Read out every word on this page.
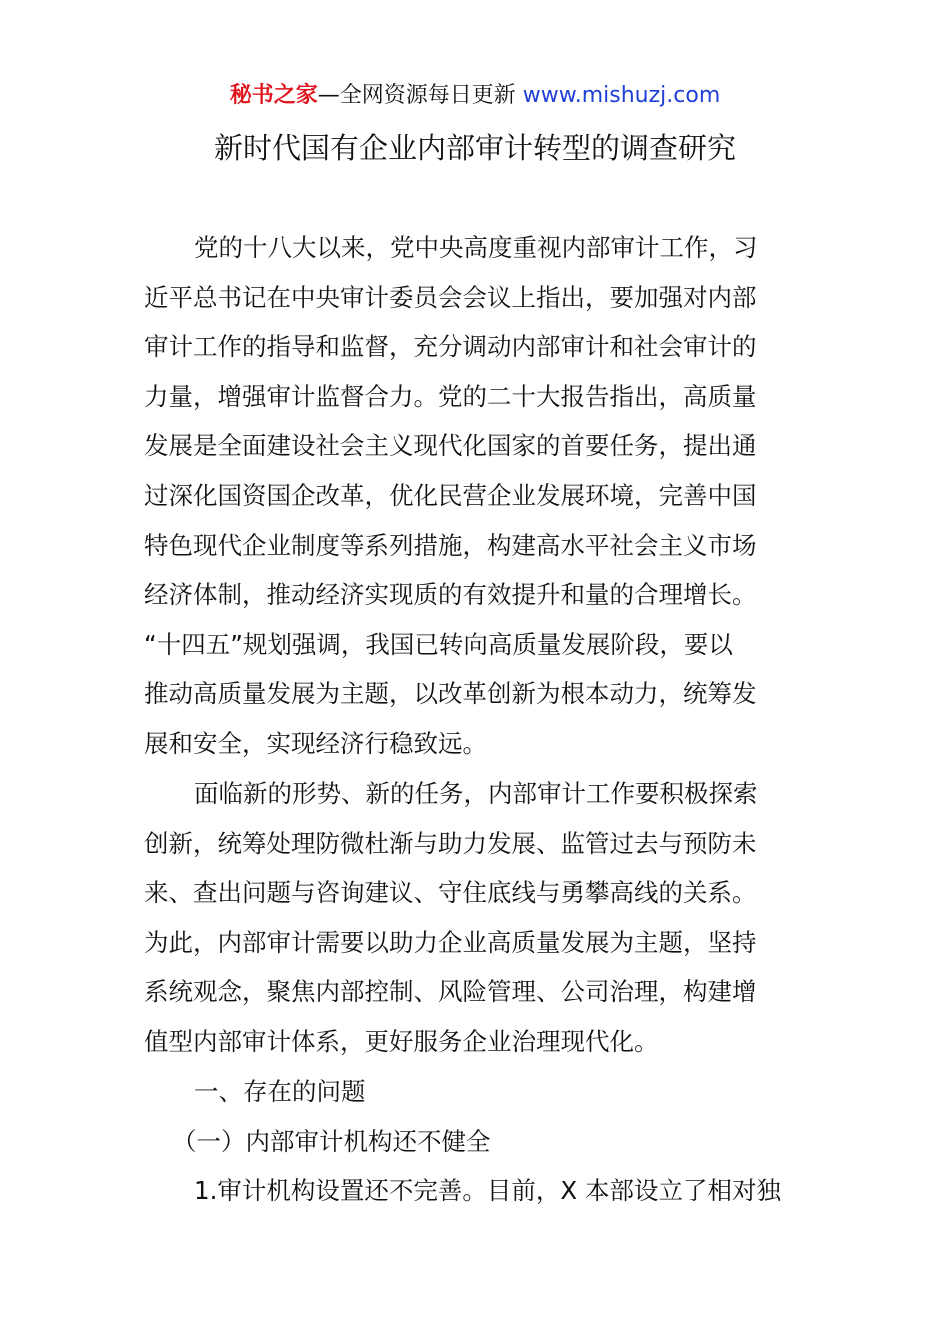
秘书之家—全网资源每日更新 www.mishuzj.com
新时代国有企业内部审计转型的调查研究
党的十八大以来，党中央高度重视内部审计工作，习
近平总书记在中央审计委员会会议上指出，要加强对内部
审计工作的指导和监督，充分调动内部审计和社会审计的
力量，增强审计监督合力。党的二十大报告指出，高质量
发展是全面建设社会主义现代化国家的首要任务，提出通
过深化国资国企改革，优化民营企业发展环境，完善中国
特色现代企业制度等系列措施，构建高水平社会主义市场
经济体制，推动经济实现质的有效提升和量的合理增长。
“十四五”规划强调，我国已转向高质量发展阶段，要以
推动高质量发展为主题，以改革创新为根本动力，统筹发
展和安全，实现经济行稳致远。
面临新的形势、新的任务，内部审计工作要积极探索
创新，统筹处理防微杜渐与助力发展、监管过去与预防未
来、查出问题与咨询建议、守住底线与勇攀高线的关系。
为此，内部审计需要以助力企业高质量发展为主题，坚持
系统观念，聚焦内部控制、风险管理、公司治理，构建增
值型内部审计体系，更好服务企业治理现代化。
一、存在的问题
（一）内部审计机构还不健全
1.审计机构设置还不完善。目前，X 本部设立了相对独
